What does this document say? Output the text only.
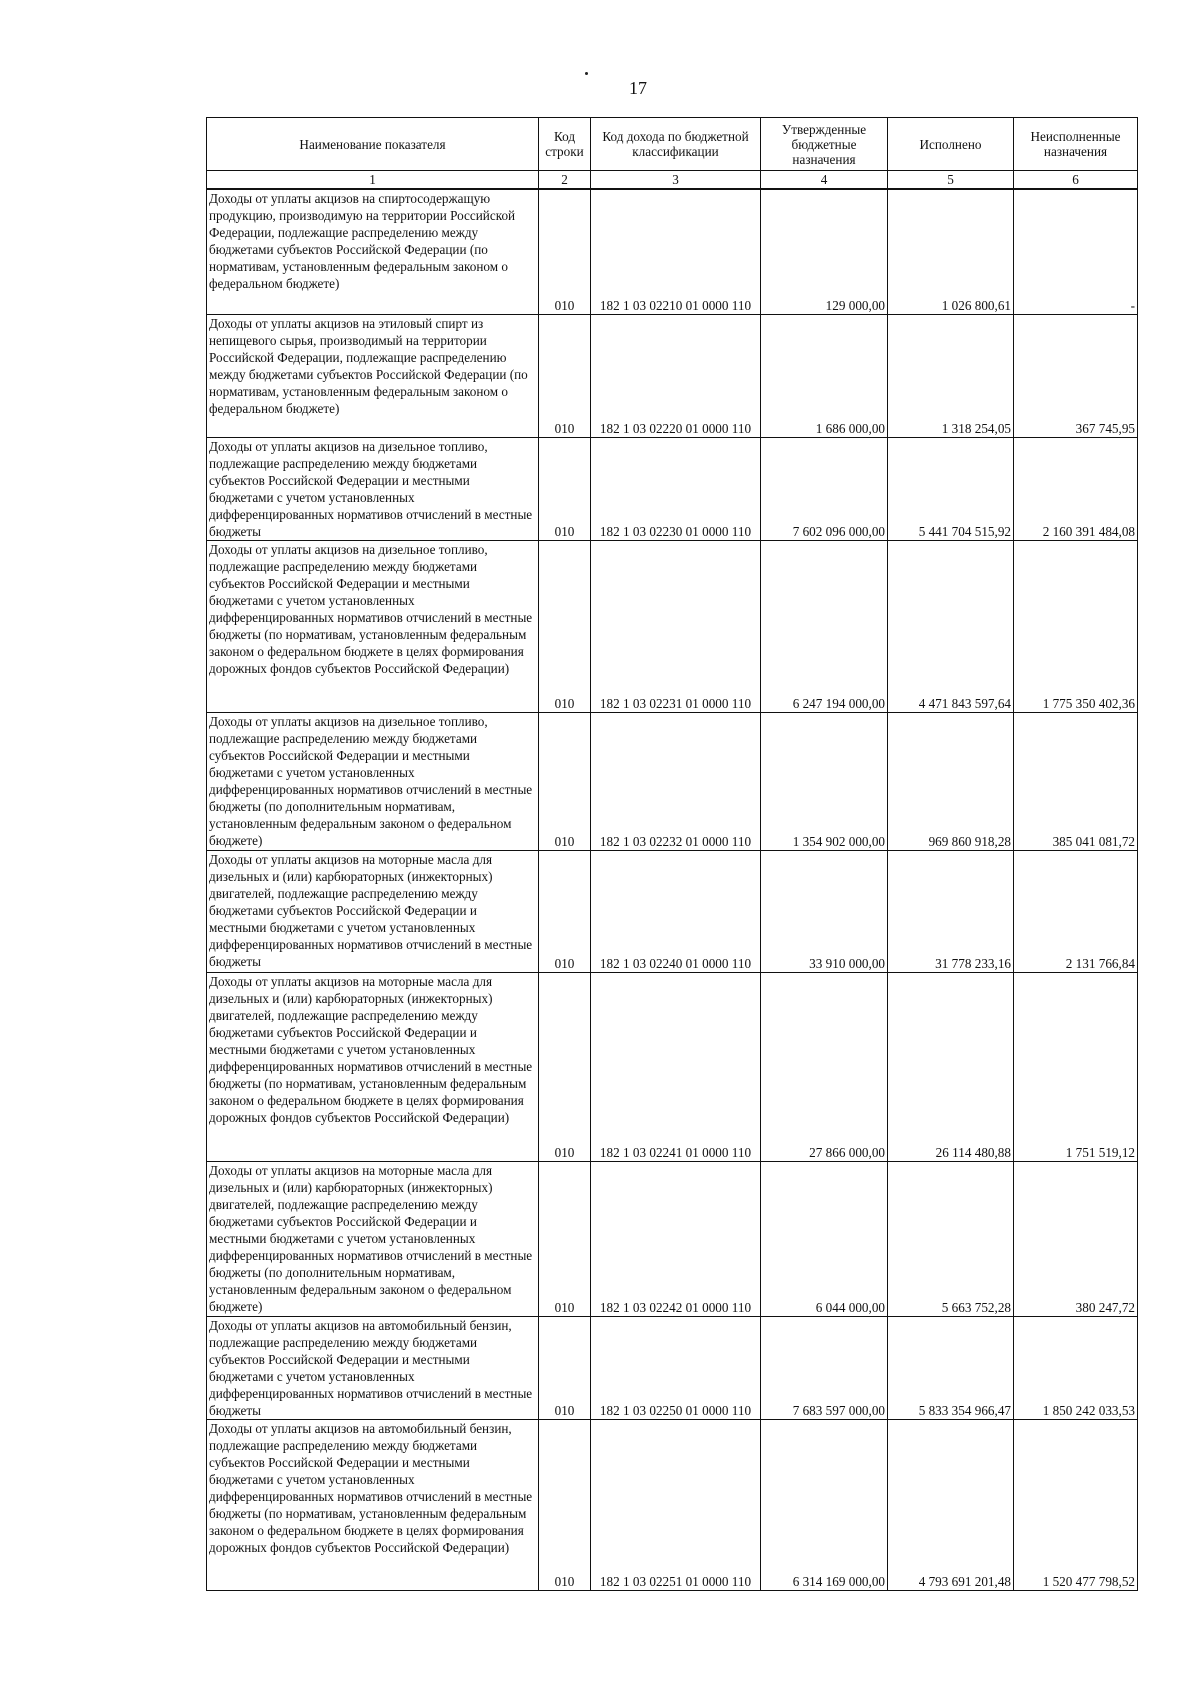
17
Наименование показателя	Код строки	Код дохода по бюджетной классификации	Утвержденные бюджетные назначения	Исполнено	Неисполненные назначения
1	2	3	4	5	6
Доходы от уплаты акцизов на спиртосодержащую продукцию, производимую на территории Российской Федерации, подлежащие распределению между бюджетами субъектов Российской Федерации (по нормативам, установленным федеральным законом о федеральном бюджете)	010	182 1 03 02210 01 0000 110	129 000,00	1 026 800,61	-
Доходы от уплаты акцизов на этиловый спирт из непищевого сырья, производимый на территории Российской Федерации, подлежащие распределению между бюджетами субъектов Российской Федерации (по нормативам, установленным федеральным законом о федеральном бюджете)	010	182 1 03 02220 01 0000 110	1 686 000,00	1 318 254,05	367 745,95
Доходы от уплаты акцизов на дизельное топливо, подлежащие распределению между бюджетами субъектов Российской Федерации и местными бюджетами с учетом установленных дифференцированных нормативов отчислений в местные бюджеты	010	182 1 03 02230 01 0000 110	7 602 096 000,00	5 441 704 515,92	2 160 391 484,08
Доходы от уплаты акцизов на дизельное топливо, подлежащие распределению между бюджетами субъектов Российской Федерации и местными бюджетами с учетом установленных дифференцированных нормативов отчислений в местные бюджеты (по нормативам, установленным федеральным законом о федеральном бюджете в целях формирования дорожных фондов субъектов Российской Федерации)	010	182 1 03 02231 01 0000 110	6 247 194 000,00	4 471 843 597,64	1 775 350 402,36
Доходы от уплаты акцизов на дизельное топливо, подлежащие распределению между бюджетами субъектов Российской Федерации и местными бюджетами с учетом установленных дифференцированных нормативов отчислений в местные бюджеты (по дополнительным нормативам, установленным федеральным законом о федеральном бюджете)	010	182 1 03 02232 01 0000 110	1 354 902 000,00	969 860 918,28	385 041 081,72
Доходы от уплаты акцизов на моторные масла для дизельных и (или) карбюраторных (инжекторных) двигателей, подлежащие распределению между бюджетами субъектов Российской Федерации и местными бюджетами с учетом установленных дифференцированных нормативов отчислений в местные бюджеты	010	182 1 03 02240 01 0000 110	33 910 000,00	31 778 233,16	2 131 766,84
Доходы от уплаты акцизов на моторные масла для дизельных и (или) карбюраторных (инжекторных) двигателей, подлежащие распределению между бюджетами субъектов Российской Федерации и местными бюджетами с учетом установленных дифференцированных нормативов отчислений в местные бюджеты (по нормативам, установленным федеральным законом о федеральном бюджете в целях формирования дорожных фондов субъектов Российской Федерации)	010	182 1 03 02241 01 0000 110	27 866 000,00	26 114 480,88	1 751 519,12
Доходы от уплаты акцизов на моторные масла для дизельных и (или) карбюраторных (инжекторных) двигателей, подлежащие распределению между бюджетами субъектов Российской Федерации и местными бюджетами с учетом установленных дифференцированных нормативов отчислений в местные бюджеты (по дополнительным нормативам, установленным федеральным законом о федеральном бюджете)	010	182 1 03 02242 01 0000 110	6 044 000,00	5 663 752,28	380 247,72
Доходы от уплаты акцизов на автомобильный бензин, подлежащие распределению между бюджетами субъектов Российской Федерации и местными бюджетами с учетом установленных дифференцированных нормативов отчислений в местные бюджеты	010	182 1 03 02250 01 0000 110	7 683 597 000,00	5 833 354 966,47	1 850 242 033,53
Доходы от уплаты акцизов на автомобильный бензин, подлежащие распределению между бюджетами субъектов Российской Федерации и местными бюджетами с учетом установленных дифференцированных нормативов отчислений в местные бюджеты (по нормативам, установленным федеральным законом о федеральном бюджете в целях формирования дорожных фондов субъектов Российской Федерации)	010	182 1 03 02251 01 0000 110	6 314 169 000,00	4 793 691 201,48	1 520 477 798,52
